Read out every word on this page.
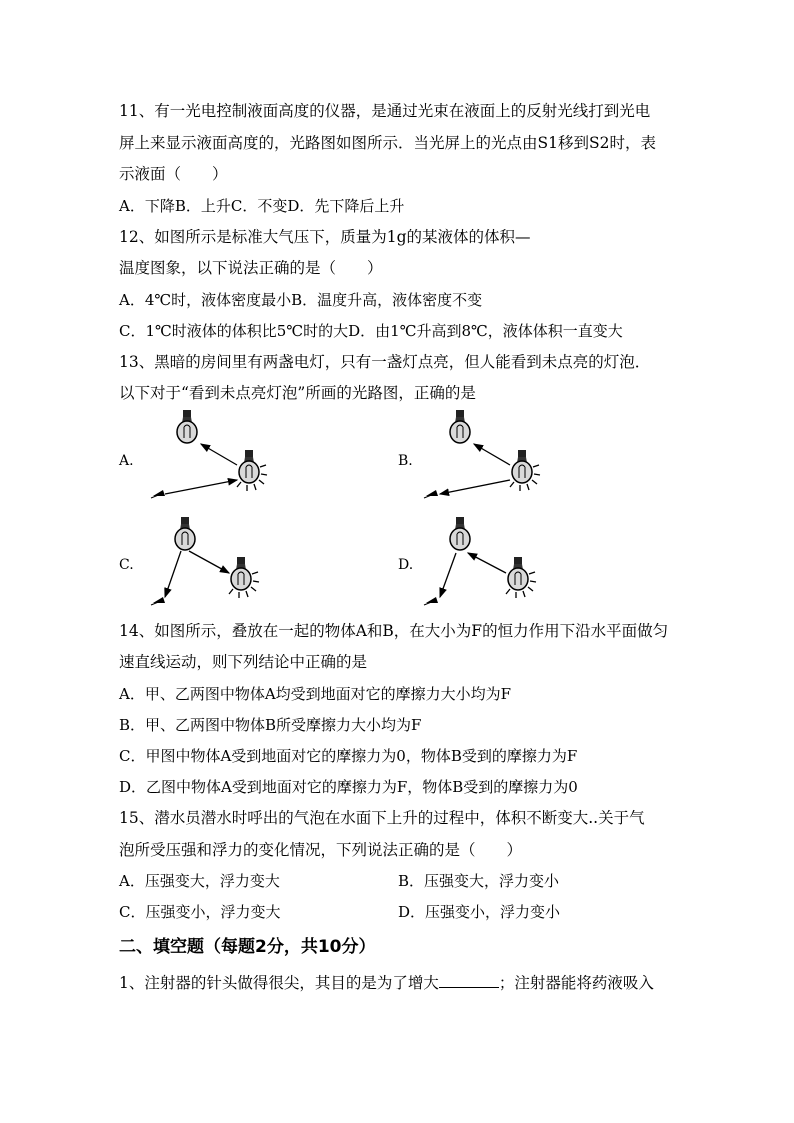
11、有一光电控制液面高度的仪器，是通过光束在液面上的反射光线打到光电
屏上来显示液面高度的，光路图如图所示．当光屏上的光点由S1移到S2时，表
示液面（　　）
A．下降B．上升C．不变D．先下降后上升
12、如图所示是标准大气压下，质量为1g的某液体的体积—
温度图象，以下说法正确的是（　　）
A．4℃时，液体密度最小B．温度升高，液体密度不变
C．1℃时液体的体积比5℃时的大D．由1℃升高到8℃，液体体积一直变大
13、黑暗的房间里有两盏电灯，只有一盏灯点亮，但人能看到未点亮的灯泡．
以下对于“看到未点亮灯泡”所画的光路图，正确的是
A.	B.
C.	D.
14、如图所示，叠放在一起的物体A和B，在大小为F的恒力作用下沿水平面做匀
速直线运动，则下列结论中正确的是
A．甲、乙两图中物体A均受到地面对它的摩擦力大小均为F
B．甲、乙两图中物体B所受摩擦力大小均为F
C．甲图中物体A受到地面对它的摩擦力为0，物体B受到的摩擦力为F
D．乙图中物体A受到地面对它的摩擦力为F，物体B受到的摩擦力为0
15、潜水员潜水时呼出的气泡在水面下上升的过程中，体积不断变大..关于气
泡所受压强和浮力的变化情况，下列说法正确的是（　　）
A．压强变大，浮力变大	B．压强变大，浮力变小
C．压强变小，浮力变大	D．压强变小，浮力变小
二、填空题（每题2分，共10分）
1、注射器的针头做得很尖，其目的是为了增大	；注射器能将药液吸入
